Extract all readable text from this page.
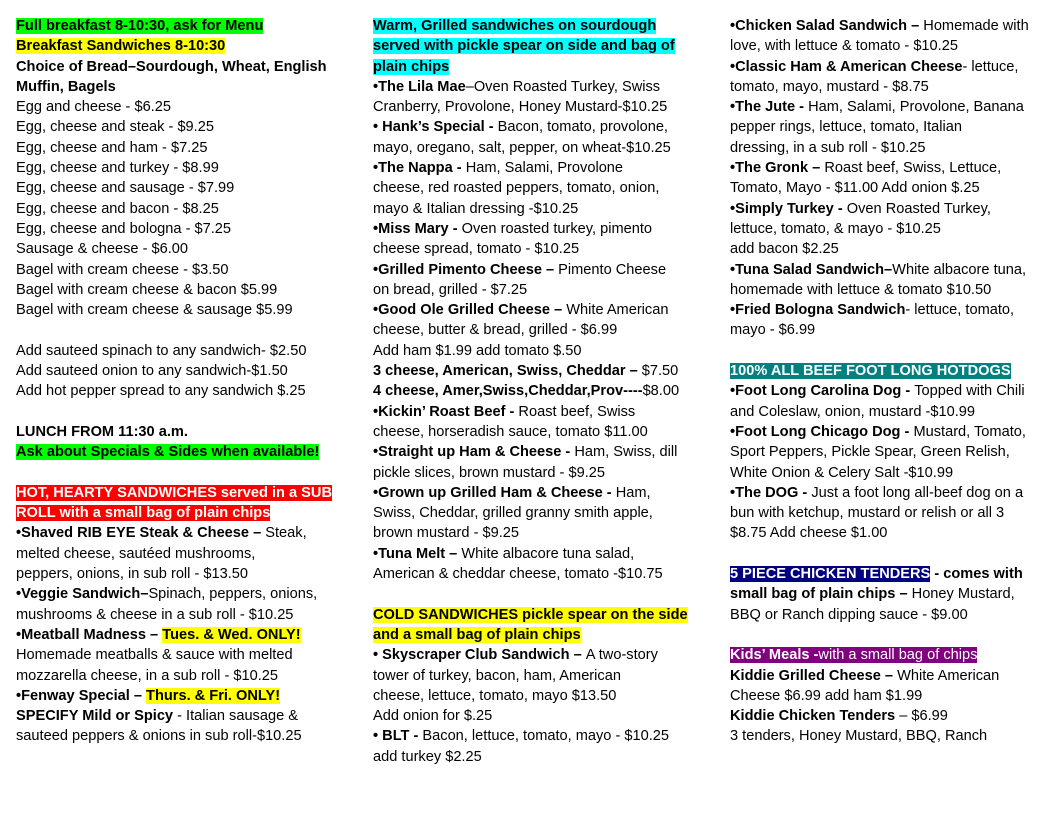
Full breakfast 8-10:30, ask for Menu
Breakfast Sandwiches 8-10:30
Choice of Bread–Sourdough, Wheat, English
Muffin, Bagels
Egg and cheese - $6.25
Egg, cheese and steak - $9.25
Egg, cheese and ham - $7.25
Egg, cheese and turkey - $8.99
Egg, cheese and sausage - $7.99
Egg, cheese and bacon - $8.25
Egg, cheese and bologna - $7.25
Sausage & cheese - $6.00
Bagel with cream cheese - $3.50
Bagel with cream cheese & bacon $5.99
Bagel with cream cheese & sausage $5.99
Add sauteed spinach to any sandwich- $2.50
Add sauteed onion to any sandwich-$1.50
Add hot pepper spread to any sandwich $.25
LUNCH FROM 11:30 a.m.
Ask about Specials & Sides when available!
HOT, HEARTY SANDWICHES served in a SUB
ROLL with a small bag of plain chips
•Shaved RIB EYE Steak & Cheese – Steak,
melted cheese, sautéed mushrooms,
peppers, onions, in sub roll - $13.50
•Veggie Sandwich–Spinach, peppers, onions,
mushrooms & cheese in a sub roll - $10.25
•Meatball Madness – Tues. & Wed. ONLY!
Homemade meatballs & sauce with melted
mozzarella cheese, in a sub roll - $10.25
•Fenway Special – Thurs. & Fri. ONLY!
SPECIFY Mild or Spicy - Italian sausage &
sauteed peppers & onions in sub roll-$10.25
Warm, Grilled sandwiches on sourdough
served with pickle spear on side and bag of
plain chips
•The Lila Mae–Oven Roasted Turkey, Swiss
Cranberry, Provolone, Honey Mustard-$10.25
• Hank’s Special - Bacon, tomato, provolone,
mayo, oregano, salt, pepper, on wheat-$10.25
•The Nappa - Ham, Salami, Provolone
cheese, red roasted peppers, tomato, onion,
mayo & Italian dressing -$10.25
•Miss Mary - Oven roasted turkey, pimento
cheese spread, tomato - $10.25
•Grilled Pimento Cheese – Pimento Cheese
on bread, grilled - $7.25
•Good Ole Grilled Cheese – White American
cheese, butter & bread, grilled - $6.99
Add ham $1.99 add tomato $.50
3 cheese, American, Swiss, Cheddar – $7.50
4 cheese, Amer,Swiss,Cheddar,Prov----$8.00
•Kickin’ Roast Beef - Roast beef, Swiss
cheese, horseradish sauce, tomato $11.00
•Straight up Ham & Cheese - Ham, Swiss, dill
pickle slices, brown mustard - $9.25
•Grown up Grilled Ham & Cheese - Ham,
Swiss, Cheddar, grilled granny smith apple,
brown mustard - $9.25
•Tuna Melt – White albacore tuna salad,
American & cheddar cheese, tomato -$10.75
COLD SANDWICHES pickle spear on the side
and a small bag of plain chips
• Skyscraper Club Sandwich – A two-story
tower of turkey, bacon, ham, American
cheese, lettuce, tomato, mayo $13.50
Add onion for $.25
• BLT - Bacon, lettuce, tomato, mayo - $10.25
add turkey $2.25
•Chicken Salad Sandwich – Homemade with
love, with lettuce & tomato - $10.25
•Classic Ham & American Cheese- lettuce,
tomato, mayo, mustard - $8.75
•The Jute - Ham, Salami, Provolone, Banana
pepper rings, lettuce, tomato, Italian
dressing, in a sub roll - $10.25
•The Gronk – Roast beef, Swiss, Lettuce,
Tomato, Mayo - $11.00 Add onion $.25
•Simply Turkey - Oven Roasted Turkey,
lettuce, tomato, & mayo - $10.25
add bacon $2.25
•Tuna Salad Sandwich–White albacore tuna,
homemade with lettuce & tomato $10.50
•Fried Bologna Sandwich- lettuce, tomato,
mayo - $6.99
100% ALL BEEF FOOT LONG HOTDOGS
•Foot Long Carolina Dog - Topped with Chili
and Coleslaw, onion, mustard -$10.99
•Foot Long Chicago Dog - Mustard, Tomato,
Sport Peppers, Pickle Spear, Green Relish,
White Onion & Celery Salt -$10.99
•The DOG - Just a foot long all-beef dog on a
bun with ketchup, mustard or relish or all 3
$8.75 Add cheese $1.00
5 PIECE CHICKEN TENDERS - comes with
small bag of plain chips – Honey Mustard,
BBQ or Ranch dipping sauce - $9.00
Kids’ Meals -with a small bag of chips
Kiddie Grilled Cheese – White American
Cheese $6.99 add ham $1.99
Kiddie Chicken Tenders – $6.99
3 tenders, Honey Mustard, BBQ, Ranch
